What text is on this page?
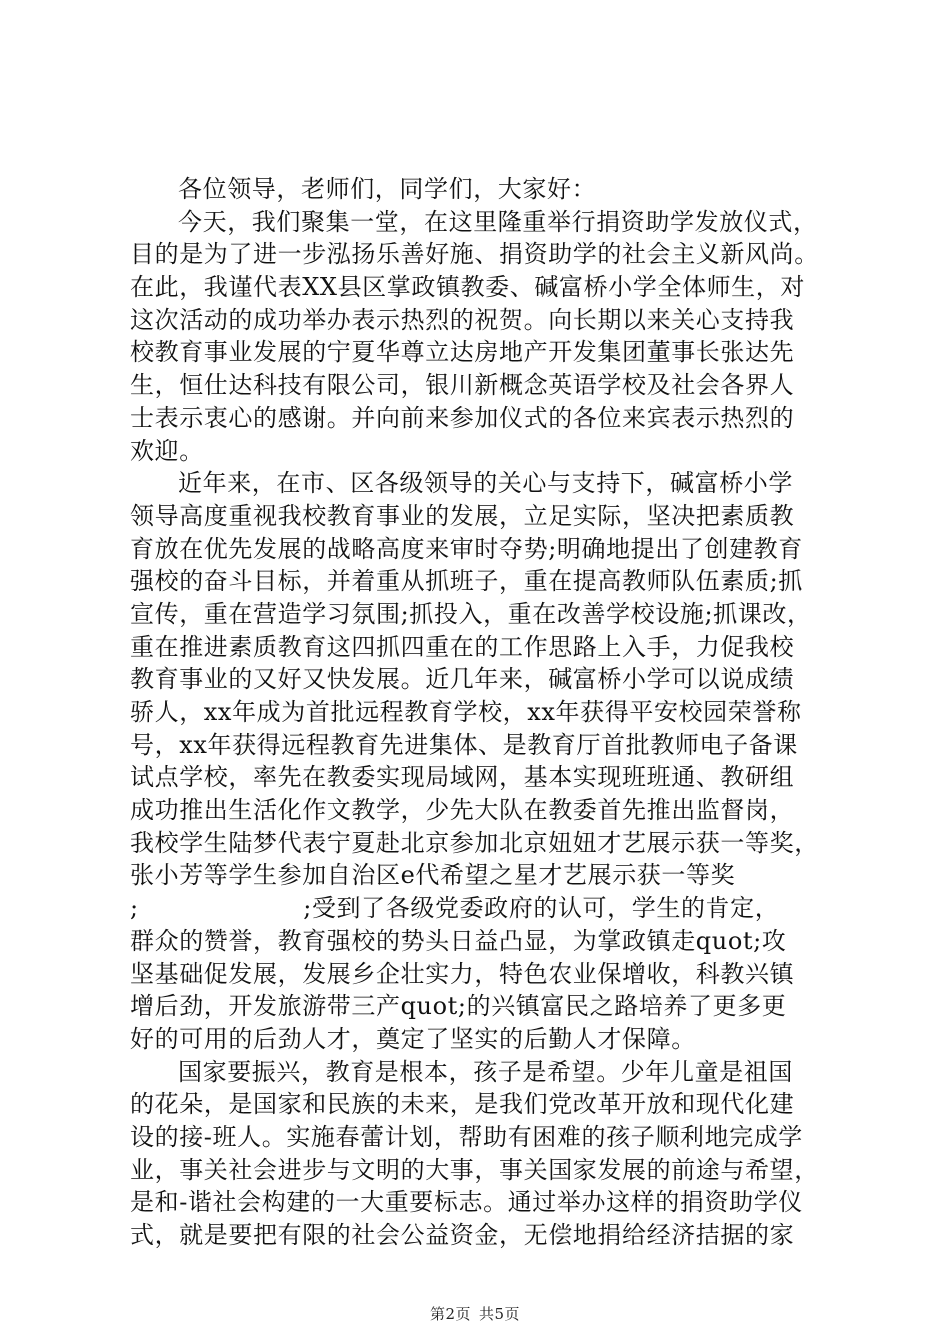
各位领导，老师们，同学们，大家好：
今天，我们聚集一堂，在这里隆重举行捐资助学发放仪式，
目的是为了进一步泓扬乐善好施、捐资助学的社会主义新风尚。
在此，我谨代表XX县区掌政镇教委、碱富桥小学全体师生，对
这次活动的成功举办表示热烈的祝贺。向长期以来关心支持我
校教育事业发展的宁夏华尊立达房地产开发集团董事长张达先
生，恒仕达科技有限公司，银川新概念英语学校及社会各界人
士表示衷心的感谢。并向前来参加仪式的各位来宾表示热烈的
欢迎。
近年来，在市、区各级领导的关心与支持下，碱富桥小学
领导高度重视我校教育事业的发展，立足实际，坚决把素质教
育放在优先发展的战略高度来审时夺势;明确地提出了创建教育
强校的奋斗目标，并着重从抓班子，重在提高教师队伍素质;抓
宣传，重在营造学习氛围;抓投入，重在改善学校设施;抓课改，
重在推进素质教育这四抓四重在的工作思路上入手，力促我校
教育事业的又好又快发展。近几年来，碱富桥小学可以说成绩
骄人，xx年成为首批远程教育学校，xx年获得平安校园荣誉称
号，xx年获得远程教育先进集体、是教育厅首批教师电子备课
试点学校，率先在教委实现局域网，基本实现班班通、教研组
成功推出生活化作文教学，少先大队在教委首先推出监督岗，
我校学生陆梦代表宁夏赴北京参加北京妞妞才艺展示获一等奖，
张小芳等学生参加自治区e代希望之星才艺展示获一等奖
;                    ;受到了各级党委政府的认可，学生的肯定，
群众的赞誉，教育强校的势头日益凸显，为掌政镇走quot;攻
坚基础促发展，发展乡企壮实力，特色农业保增收，科教兴镇
增后劲，开发旅游带三产quot;的兴镇富民之路培养了更多更
好的可用的后劲人才，奠定了坚实的后勤人才保障。
国家要振兴，教育是根本，孩子是希望。少年儿童是祖国
的花朵，是国家和民族的未来，是我们党改革开放和现代化建
设的接-班人。实施春蕾计划，帮助有困难的孩子顺利地完成学
业，事关社会进步与文明的大事，事关国家发展的前途与希望，
是和-谐社会构建的一大重要标志。通过举办这样的捐资助学仪
式，就是要把有限的社会公益资金，无偿地捐给经济拮据的家
第2页 共5页
